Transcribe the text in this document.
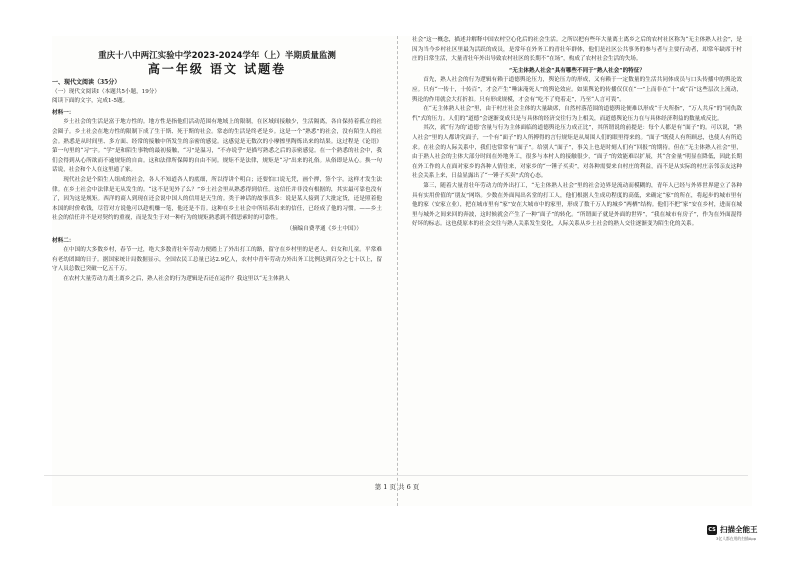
重庆十八中两江实验中学2023-2024学年（上）半期质量监测
高一年级 语文 试题卷
一、现代文阅读（35分）
（一）现代文阅读Ⅰ（本题共5小题，19分）
阅读下面的文字，完成1-5题。
材料一：

乡土社会的生活是富于地方性的。地方性是指他们活动范围有地域上的限制，在区域间接触少，生活隔离，各自保持着孤立的社会圈子。乡土社会在地方性的限制下成了生于斯、死于斯的社会。常态的生活是终老是乡。这是一个“熟悉”的社会，没有陌生人的社会。熟悉是从时间里、多方面、经常的接触中所发生的亲密的感觉。这感觉是无数次的小摩擦里陶炼出来的结果。这过程是《论语》第一句里的“习”字。“学”是和陌生事物的最初接触，“习”是温习，“不亦说乎”是描写熟悉之后的亲密感觉。在一个熟悉的社会中，我们会得到从心所欲而不逾规矩的自由。这和法律所保障的自由不同。规矩不是法律，规矩是“习”出来的礼俗。从俗即是从心。换一句话说，社会和个人在这里通了家。

现代社会是个陌生人组成的社会，各人不知道各人的底细，所以得讲个明白；还要怕口说无凭，画个押，签个字。这样才发生法律。在乡土社会中法律是无从发生的。“这不是见外了么？”乡土社会里从熟悉得到信任。这信任并非没有根据的，其实最可靠也没有了，因为这是规矩。西洋的商人到现在还会说中国人的信用是天生的。类于神话的故事真多：说是某人接到了大批定货，还是照着他本国的时价收钱，尽管对方说他可以趁机赚一笔，他还是不肯。这种在乡土社会中所培养出来的信任，已经成了他的习惯。——乡土社会的信任并不是对契约的重视，而是发生于对一种行为的规矩熟悉到不假思索时的可靠性。

（摘编自费孝通《乡土中国》）
材料二：

在中国的大多数乡村，春节一过，绝大多数青壮年劳动力便踏上了外出打工的路，留守在乡村里的是老人、妇女和儿童。平常难有老幼团圆的日子。据国家统计局数据显示，全国农民工总量已达2.9亿人，农村中青年劳动力外出务工比例达到百分之七十以上，留守人员总数已突破一亿五千万。

在农村大量劳动力离土离乡之后，熟人社会的行为逻辑是否还在运作？我这里以“无主体熟人

社会”这一概念，描述并解释中国农村空心化后的社会生活。之所以把有些年大量离土离乡之后的农村社区称为“无主体熟人社会”，是因为当今乡村社区里最为活跃的成员，是常年在外务工的青壮年群体，他们是社区公共事务的参与者与主要行动者，却常年缺席于村庄的日常生活，大量青壮年外出导致农村社区的长期不“在场”，构成了农村社会生活的失场。

“无主体熟人社会”具有哪些不同于“熟人社会”的特征？

首先，熟人社会的行为逻辑有赖于道德舆论压力，舆论压力的形成，又有赖于一定数量的生活共同体成员与口头传播中的舆论效应。只有“一传十，十传百”，才会产生“唾沫淹死人”的舆论效应。如果舆论的传播仅仅在“一”上而非在“十”或“百”这些层次上流动，舆论的作用就会大打折扣。只有形成规模，才会有“吃不了兜着走”，乃至“人言可畏”。

在“无主体熟人社会”里，由于村庄社会主体的大量缺席，自然村落范围的道德舆论便难以形成“千夫所指”，“万人共斥”的“同仇敌忾”式的压力。人们的“道德”会逐渐变成只是与具体的经济交往行为上相关，而道德舆论压力在与具体经济利益的数量成反比。

其次，就“行为的‘道德’含量与行为主体面临的道德舆论压力成正比”，其所谓说的前提是：每个人都是有“面子”的。可以说，“熟人社会”里的人都讲究面子，一个有“面子”的人所搏得的言行规矩是从周围人们的眼里得来的。“面子”既使人有所顾忌，也使人有所追求。在社会的人际关系中，我们也常常有“面子”。给别人“面子”，事关上也是时刻人们有“回报”的期待。但在“无主体熟人社会”里，由于熟人社会的主体大部分时间在外地务工，很多与本村人的接触很少，“面子”的效能难以扩展，其“含金量”明显在降低，因此长期在外工作的人在面对家乡的各种人情往来，对家乡的“一锤子买卖”，对各种需要来自村庄的利益，而不是从实际的村庄亲邻亲友这种社会关系上来，日益显露出了“一锤子买卖”式的心态。

第三，随着大量青壮年劳动力的外出打工，“无主体熟人社会”里的社会边界是流动而模糊的，青年人已经与外界世界建立了各种具有实用价值的“朋友”网络。少数在外面闯出名堂的打工人，他们根据人生成功程度的高低，来确定“家”的所在，将起步的城市里有他的家（安家立业），把在城市里有“家”安在大城市中的家里，形成了数千万人的城乡“两栖”结构。他们不把“家”安在乡村，进而在城里与城外之间来回的奔波，这时候就会产生了一种“面子”的转化。“所谓面子就是外面的世界”，“我在城市有房子”，作为在外面混得好坏的标志。这也使原本的社会交往与熟人关系发生变化，人际关系从乡土社会的熟人交往逐渐变为陌生化的关系。

第 1 页 共 6 页
CS 扫描全能王
3亿人都在用的扫描App
